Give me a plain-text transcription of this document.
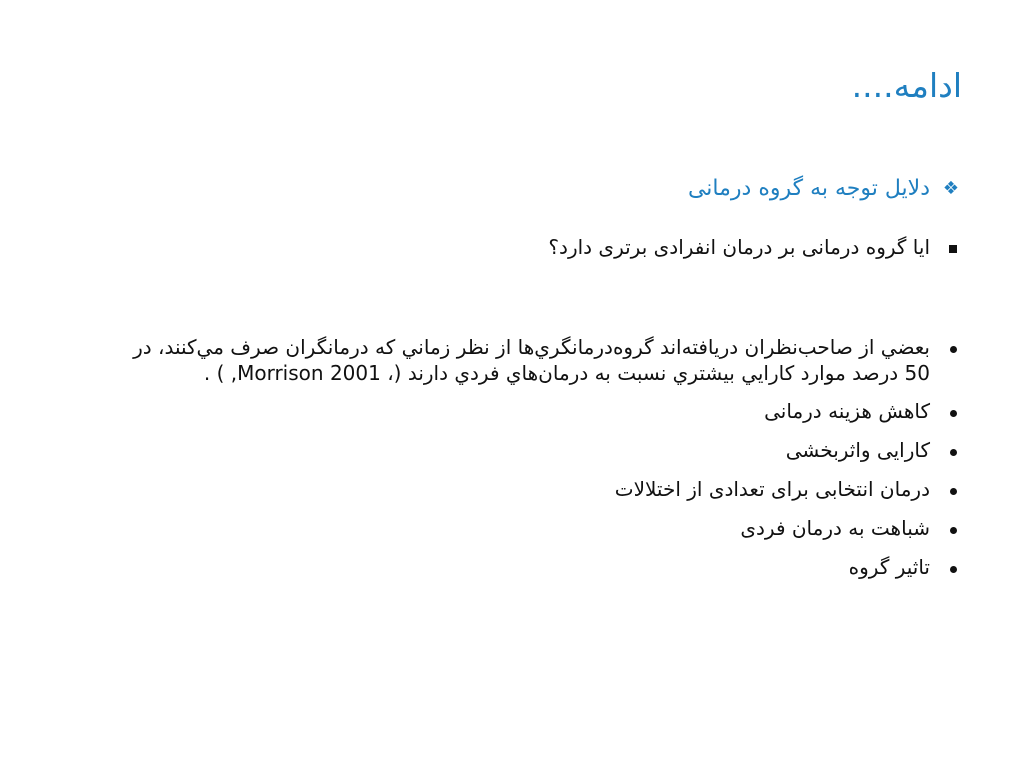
ادامه....
❖
دلایل توجه به گروه درمانی
ایا گروه درمانی بر درمان انفرادی برتری دارد؟
بعضي از صاحب‌نظران دريافته‌اند گروه‌درمانگري‌ها از نظر زماني كه درمانگران صرف مي‌كنند، در 50 درصد موارد كارايي بيشتري نسبت به درمان‌هاي فردي دارند (‌، 2001 Morrison, ) .
کاهش هزینه درمانی
کارایی واثربخشی
درمان انتخابی برای تعدادی از اختلالات
شباهت به درمان فردی
تاثیر گروه
